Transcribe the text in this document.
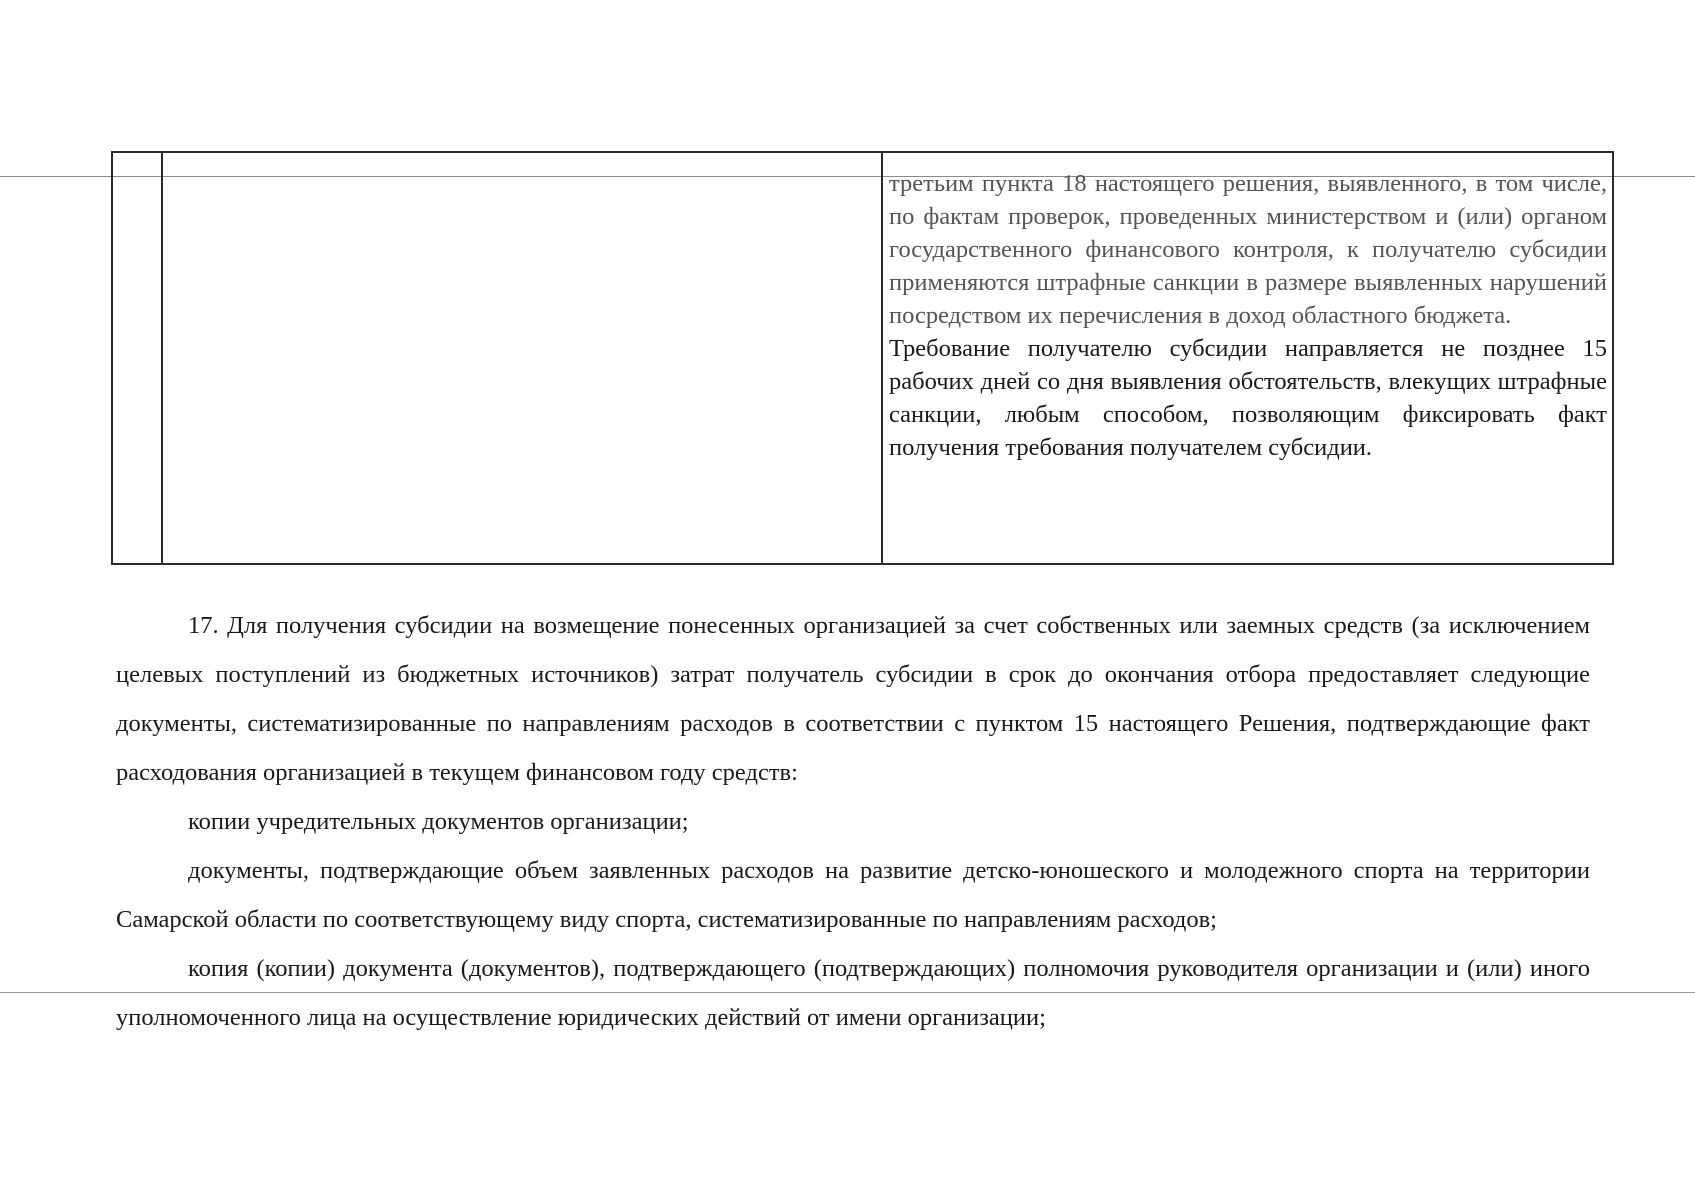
третьим пункта 18 настоящего решения, выявленного, в том числе, по фактам проверок, проведенных министерством и (или) органом государственного финансового контроля, к получателю субсидии применяются штрафные санкции в размере выявленных нарушений посредством их перечисления в доход областного бюджета.

Требование получателю субсидии направляется не позднее 15 рабочих дней со дня выявления обстоятельств, влекущих штрафные санкции, любым способом, позволяющим фиксировать факт получения требования получателем субсидии.

17. Для получения субсидии на возмещение понесенных организацией за счет собственных или заемных средств (за исключением целевых поступлений из бюджетных источников) затрат получатель субсидии в срок до окончания отбора предоставляет следующие документы, систематизированные по направлениям расходов в соответствии с пунктом 15 настоящего Решения, подтверждающие факт расходования организацией в текущем финансовом году средств:

копии учредительных документов организации;

документы, подтверждающие объем заявленных расходов на развитие детско-юношеского и молодежного спорта на территории Самарской области по соответствующему виду спорта, систематизированные по направлениям расходов;

копия (копии) документа (документов), подтверждающего (подтверждающих) полномочия руководителя организации и (или) иного уполномоченного лица на осуществление юридических действий от имени организации;
